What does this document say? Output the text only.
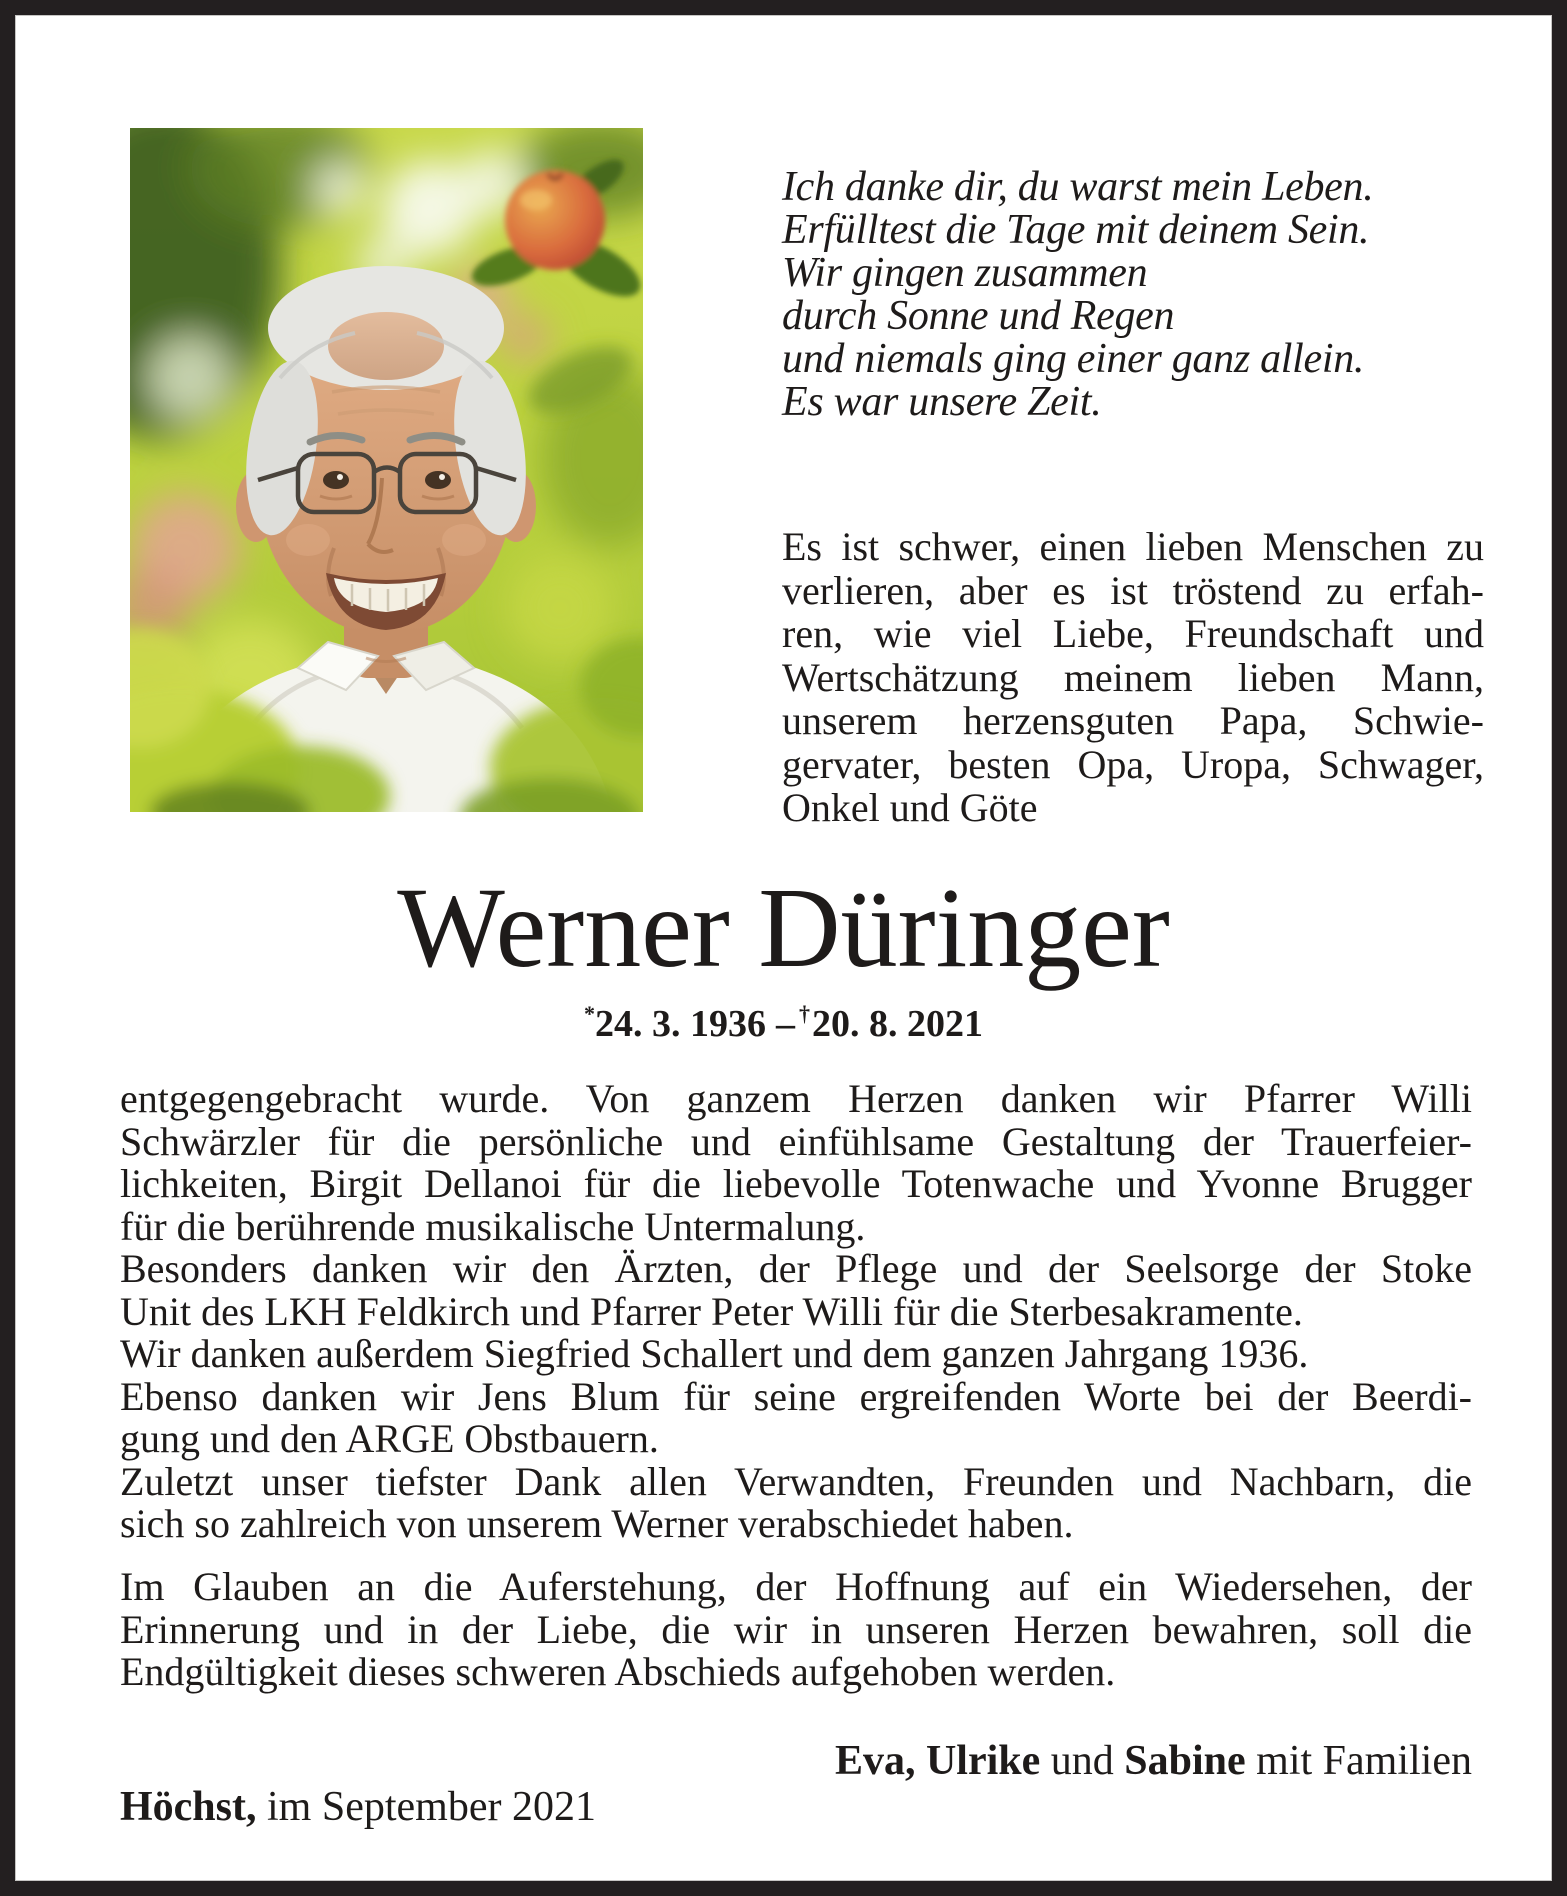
Ich danke dir, du warst mein Leben.
Erfülltest die Tage mit deinem Sein.
Wir gingen zusammen
durch Sonne und Regen
und niemals ging einer ganz allein.
Es war unsere Zeit.
Es ist schwer, einen lieben Menschen zu
verlieren, aber es ist tröstend zu erfah-
ren, wie viel Liebe, Freundschaft und
Wertschätzung meinem lieben Mann,
unserem herzensguten Papa, Schwie-
gervater, besten Opa, Uropa, Schwager,
Onkel und Göte
Werner Düringer
*24. 3. 1936 – †20. 8. 2021
entgegengebracht wurde. Von ganzem Herzen danken wir Pfarrer Willi
Schwärzler für die persönliche und einfühlsame Gestaltung der Trauerfeier-
lichkeiten, Birgit Dellanoi für die liebevolle Totenwache und Yvonne Brugger
für die berührende musikalische Untermalung.
Besonders danken wir den Ärzten, der Pflege und der Seelsorge der Stoke
Unit des LKH Feldkirch und Pfarrer Peter Willi für die Sterbesakramente.
Wir danken außerdem Siegfried Schallert und dem ganzen Jahrgang 1936.
Ebenso danken wir Jens Blum für seine ergreifenden Worte bei der Beerdi-
gung und den ARGE Obstbauern.
Zuletzt unser tiefster Dank allen Verwandten, Freunden und Nachbarn, die
sich so zahlreich von unserem Werner verabschiedet haben.
Im Glauben an die Auferstehung, der Hoffnung auf ein Wiedersehen, der
Erinnerung und in der Liebe, die wir in unseren Herzen bewahren, soll die
Endgültigkeit dieses schweren Abschieds aufgehoben werden.
Eva, Ulrike und Sabine mit Familien
Höchst, im September 2021
